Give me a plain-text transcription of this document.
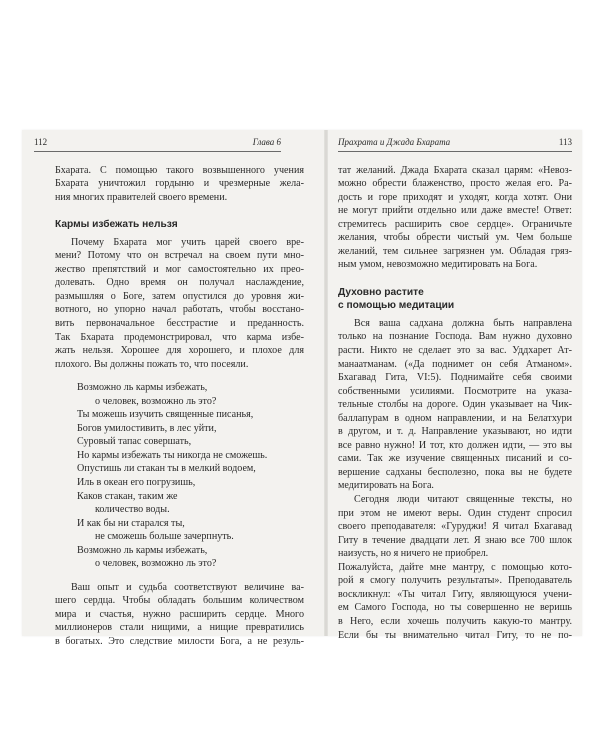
112	Глава 6
Бхарата. С помощью такого возвышенного учения
Бхарата уничтожил гордыню и чрезмерные жела-
ния многих правителей своего времени.
Кармы избежать нельзя
Почему Бхарата мог учить царей своего вре-
мени? Потому что он встречал на своем пути мно-
жество препятствий и мог самостоятельно их прео-
долевать. Одно время он получал наслаждение,
размышляя о Боге, затем опустился до уровня жи-
вотного, но упорно начал работать, чтобы восстано-
вить первоначальное бесстрастие и преданность.
Так Бхарата продемонстрировал, что карма избе-
жать нельзя. Хорошее для хорошего, и плохое для
плохого. Вы должны пожать то, что посеяли.
Возможно ль кармы избежать,
о человек, возможно ль это?
Ты можешь изучить священные писанья,
Богов умилостивить, в лес уйти,
Суровый тапас совершать,
Но кармы избежать ты никогда не сможешь.
Опустишь ли стакан ты в мелкий водоем,
Иль в океан его погрузишь,
Каков стакан, таким же
количество воды.
И как бы ни старался ты,
не сможешь больше зачерпнуть.
Возможно ль кармы избежать,
о человек, возможно ль это?
Ваш опыт и судьба соответствуют величине ва-
шего сердца. Чтобы обладать большим количеством
мира и счастья, нужно расширить сердце. Много
миллионеров стали нищими, а нищие превратились
в богатых. Это следствие милости Бога, а не резуль-
Прахрата и Джада Бхарата	113
тат желаний. Джада Бхарата сказал царям: «Невоз-
можно обрести блаженство, просто желая его. Ра-
дость и горе приходят и уходят, когда хотят. Они
не могут прийти отдельно или даже вместе! Ответ:
стремитесь расширить свое сердце». Ограничьте
желания, чтобы обрести чистый ум. Чем больше
желаний, тем сильнее загрязнен ум. Обладая гряз-
ным умом, невозможно медитировать на Бога.
Духовно растите
с помощью медитации
Вся ваша садхана должна быть направлена
только на познание Господа. Вам нужно духовно
расти. Никто не сделает это за вас. Уддхарет Ат-
манаатманам. («Да поднимет он себя Атманом».
Бхагавад Гита, VI:5). Поднимайте себя своими
собственными усилиями. Посмотрите на указа-
тельные столбы на дороге. Один указывает на Чик-
баллапурам в одном направлении, и на Белатхури
в другом, и т. д. Направление указывают, но идти
все равно нужно! И тот, кто должен идти, — это вы
сами. Так же изучение священных писаний и со-
вершение садханы бесполезно, пока вы не будете
медитировать на Бога.
Сегодня люди читают священные тексты, но
при этом не имеют веры. Один студент спросил
своего преподавателя: «Гуруджи! Я читал Бхагавад
Гиту в течение двадцати лет. Я знаю все 700 шлок
наизусть, но я ничего не приобрел.
Пожалуйста, дайте мне мантру, с помощью кото-
рой я смогу получить результаты». Преподаватель
воскликнул: «Ты читал Гиту, являющуюся учени-
ем Самого Господа, но ты совершенно не веришь
в Него, если хочешь получить какую-то мантру.
Если бы ты внимательно читал Гиту, то не по-
